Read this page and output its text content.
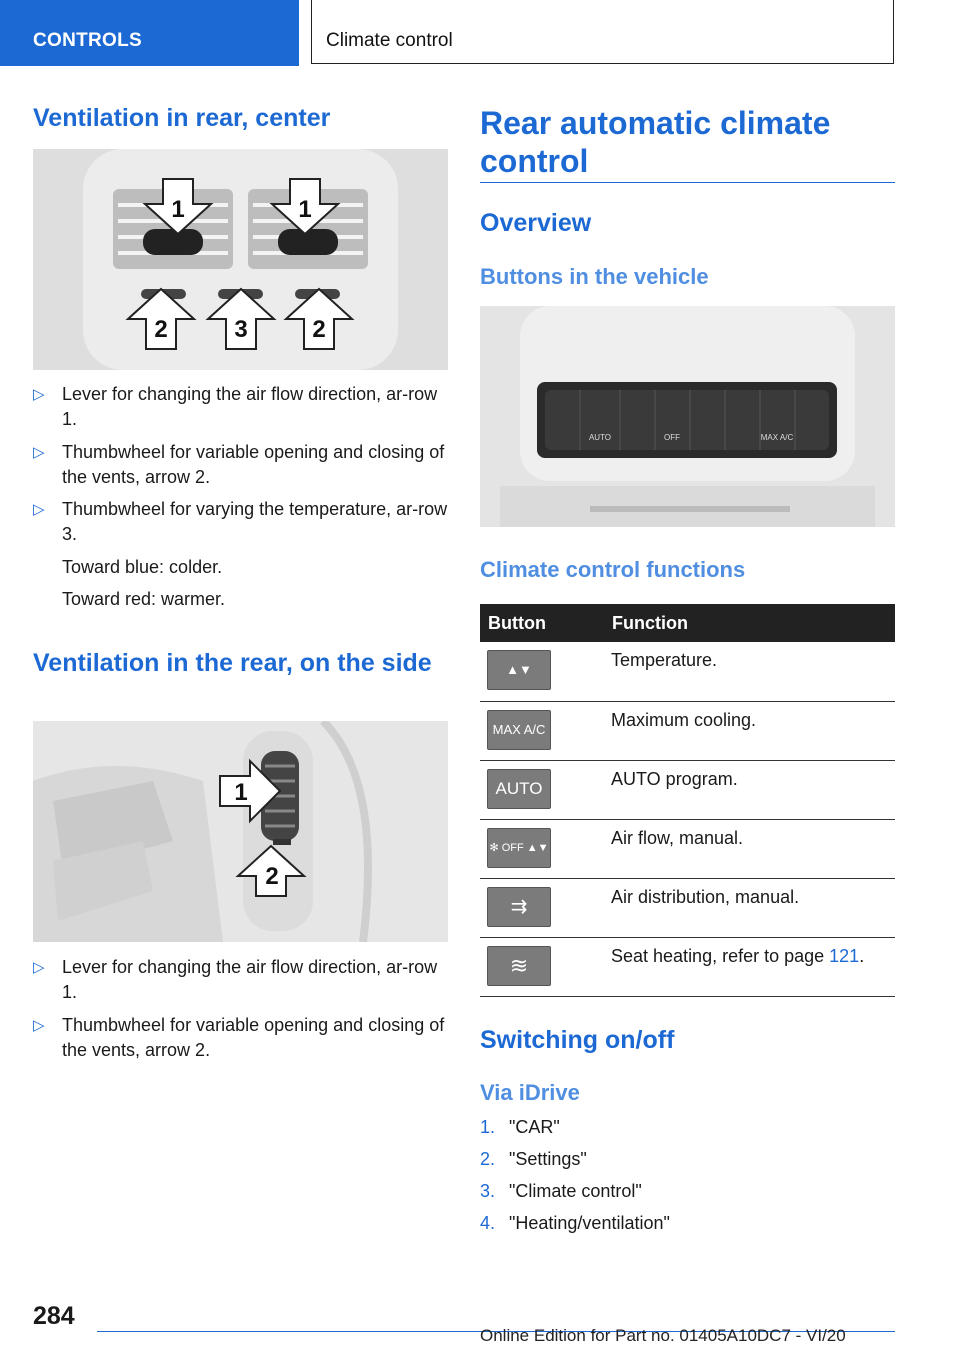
CONTROLS	Climate control
Ventilation in rear, center
1	1
2	3	2
▷ Lever for changing the air flow direction, ar-row 1.
▷ Thumbwheel for variable opening and closing of the vents, arrow 2.
▷ Thumbwheel for varying the temperature, ar-row 3.
Toward blue: colder.
Toward red: warmer.
Ventilation in the rear, on the side
1
2
▷ Lever for changing the air flow direction, ar-row 1.
▷ Thumbwheel for variable opening and closing of the vents, arrow 2.
Rear automatic climate control
Overview
Buttons in the vehicle
AUTO	MAX A/C
OFF
Climate control functions
Button	Function

▲▼	Temperature.

MAX A/C	Maximum cooling.

AUTO	AUTO program.

✻ OFF ▲▼	Air flow, manual.

⇉	Air distribution, manual.

≋	Seat heating, refer to page 121.
Switching on/off
Via iDrive
1. "CAR"
2. "Settings"
3. "Climate control"
4. "Heating/ventilation"
284
Online Edition for Part no. 01405A10DC7 - VI/20
